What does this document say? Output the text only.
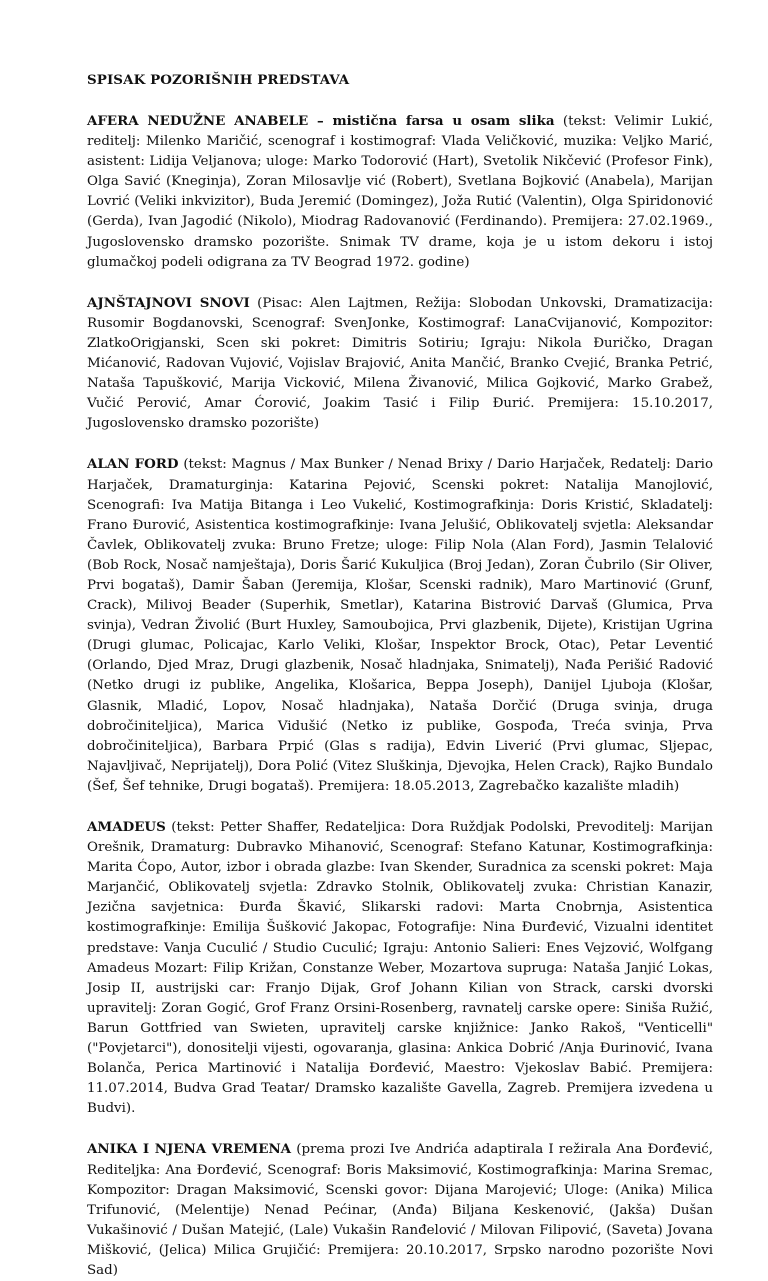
SPISAK POZORIŠNIH PREDSTAVA

AFERA NEDUŽNE ANABELE – mistična farsa u osam slika (tekst: Velimir Lukić, reditelj: Milenko Maričić, scenograf i kostimograf: Vlada Veličković, muzika: Veljko Marić, asistent: Lidija Veljanova; uloge: Marko Todorović (Hart), Svetolik Nikčević (Profesor Fink), Olga Savić (Kneginja), Zoran Milosavlje vić (Robert), Svetlana Bojković (Anabela), Marijan Lovrić (Veliki inkvizitor), Buda Jeremić (Domingez), Joža Rutić (Valentin), Olga Spiridonović (Gerda), Ivan Jagodić (Nikolo), Miodrag Radovanović (Ferdinando). Premijera: 27.02.1969., Jugoslovensko dramsko pozorište. Snimak TV drame, koja je u istom dekoru i istoj glumačkoj podeli odigrana za TV Beograd 1972. godine)

AJNŠTAJNOVI SNOVI (Pisac: Alen Lajtmen, Režija: Slobodan Unkovski, Dramatizacija: Rusomir Bogdanovski, Scenograf: SvenJonke, Kostimograf: LanaCvijanović, Kompozitor: ZlatkoOrigjanski, Scen ski pokret: Dimitris Sotiriu; Igraju: Nikola Đuričko, Dragan Mićanović, Radovan Vujović, Vojislav Brajović, Anita Mančić, Branko Cvejić, Branka Petrić, Nataša Tapušković, Marija Vicković, Milena Živanović, Milica Gojković, Marko Grabež, Vučić Perović, Amar Ćorović, Joakim Tasić i Filip Đurić. Premijera: 15.10.2017, Jugoslovensko dramsko pozorište)

ALAN FORD (tekst: Magnus / Max Bunker / Nenad Brixy / Dario Harjaček, Redatelj: Dario Harjaček, Dramaturginja: Katarina Pejović, Scenski pokret: Natalija Manojlović, Scenografi: Iva Matija Bitanga i Leo Vukelić, Kostimografkinja: Doris Kristić, Skladatelj: Frano Đurović, Asistentica kostimografkinje: Ivana Jelušić, Oblikovatelj svjetla: Aleksandar Čavlek, Oblikovatelj zvuka: Bruno Fretze; uloge: Filip Nola (Alan Ford), Jasmin Telalović (Bob Rock, Nosač namještaja), Doris Šarić Kukuljica (Broj Jedan), Zoran Čubrilo (Sir Oliver, Prvi bogataš), Damir Šaban (Jeremija, Klošar, Scenski radnik), Maro Martinović (Grunf, Crack), Milivoj Beader (Superhik, Smetlar), Katarina Bistrović Darvaš (Glumica, Prva svinja), Vedran Živolić (Burt Huxley, Samoubojica, Prvi glazbenik, Dijete), Kristijan Ugrina (Drugi glumac, Policajac, Karlo Veliki, Klošar, Inspektor Brock, Otac), Petar Leventić (Orlando, Djed Mraz, Drugi glazbenik, Nosač hladnjaka, Snimatelj), Nađa Perišić Radović (Netko drugi iz publike, Angelika, Klošarica, Beppa Joseph), Danijel Ljuboja (Klošar, Glasnik, Mladić, Lopov, Nosač hladnjaka), Nataša Dorčić (Druga svinja, druga dobročiniteljica), Marica Vidušić (Netko iz publike, Gospođa, Treća svinja, Prva dobročiniteljica), Barbara Prpić (Glas s radija), Edvin Liverić (Prvi glumac, Sljepac, Najavljivač, Neprijatelj), Dora Polić (Vitez Sluškinja, Djevojka, Helen Crack), Rajko Bundalo (Šef, Šef tehnike, Drugi bogataš). Premijera: 18.05.2013, Zagrebačko kazalište mladih)

AMADEUS (tekst: Petter Shaffer, Redateljica: Dora Ruždjak Podolski, Prevoditelj: Marijan Orešnik, Dramaturg: Dubravko Mihanović, Scenograf: Stefano Katunar, Kostimografkinja: Marita Ćopo, Autor, izbor i obrada glazbe: Ivan Skender, Suradnica za scenski pokret: Maja Marjančić, Oblikovatelj svjetla: Zdravko Stolnik, Oblikovatelj zvuka: Christian Kanazir, Jezična savjetnica: Đurđa Škavić, Slikarski radovi: Marta Cnobrnja, Asistentica kostimografkinje: Emilija Šušković Jakopac, Fotografije: Nina Đurđević, Vizualni identitet predstave: Vanja Cuculić / Studio Cuculić; Igraju: Antonio Salieri: Enes Vejzović, Wolfgang Amadeus Mozart: Filip Križan, Constanze Weber, Mozartova supruga: Nataša Janjić Lokas, Josip II, austrijski car: Franjo Dijak, Grof Johann Kilian von Strack, carski dvorski upravitelj: Zoran Gogić, Grof Franz Orsini-Rosenberg, ravnatelj carske opere: Siniša Ružić, Barun Gottfried van Swieten, upravitelj carske knjižnice: Janko Rakoš, "Venticelli" ("Povjetarci"), donositelji vijesti, ogovaranja, glasina: Ankica Dobrić /Anja Đurinović, Ivana Bolanča, Perica Martinović i Natalija Đorđević, Maestro: Vjekoslav Babić. Premijera: 11.07.2014, Budva Grad Teatar/ Dramsko kazalište Gavella, Zagreb. Premijera izvedena u Budvi).

ANIKA I NJENA VREMENA (prema prozi Ive Andrića adaptirala I režirala Ana Đorđević, Rediteljka: Ana Đorđević, Scenograf: Boris Maksimović, Kostimografkinja: Marina Sremac, Kompozitor: Dragan Maksimović, Scenski govor: Dijana Marojević; Uloge: (Anika) Milica Trifunović, (Melentije) Nenad Pećinar, (Anđa) Biljana Keskenović, (Jakša) Dušan Vukašinović / Dušan Matejić, (Lale) Vukašin Ranđelović / Milovan Filipović, (Saveta) Jovana Mišković, (Jelica) Milica Grujičić: Premijera: 20.10.2017, Srpsko narodno pozorište Novi Sad)
